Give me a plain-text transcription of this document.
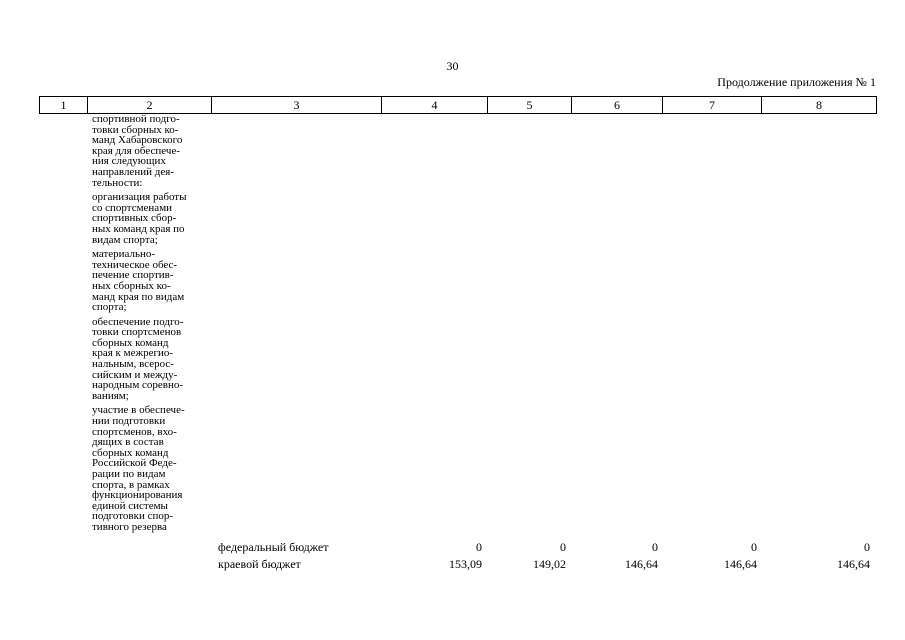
30
Продолжение приложения № 1
1	2	3	4	5	6	7	8
спортивной подго-
товки сборных ко-
манд Хабаровского
края для обеспече-
ния следующих
направлений дея-
тельности:
организация работы
со спортсменами
спортивных сбор-
ных команд края по
видам спорта;
материально-
техническое обес-
печение спортив-
ных сборных ко-
манд края по видам
спорта;
обеспечение подго-
товки спортсменов
сборных команд
края к межрегио-
нальным, всерос-
сийским и между-
народным соревно-
ваниям;
участие в обеспече-
нии подготовки
спортсменов, вхо-
дящих в состав
сборных команд
Российской Феде-
рации по видам
спорта, в рамках
функционирования
единой системы
подготовки спор-
тивного резерва
федеральный бюджет	0	0	0	0	0
краевой бюджет	153,09	149,02	146,64	146,64	146,64
